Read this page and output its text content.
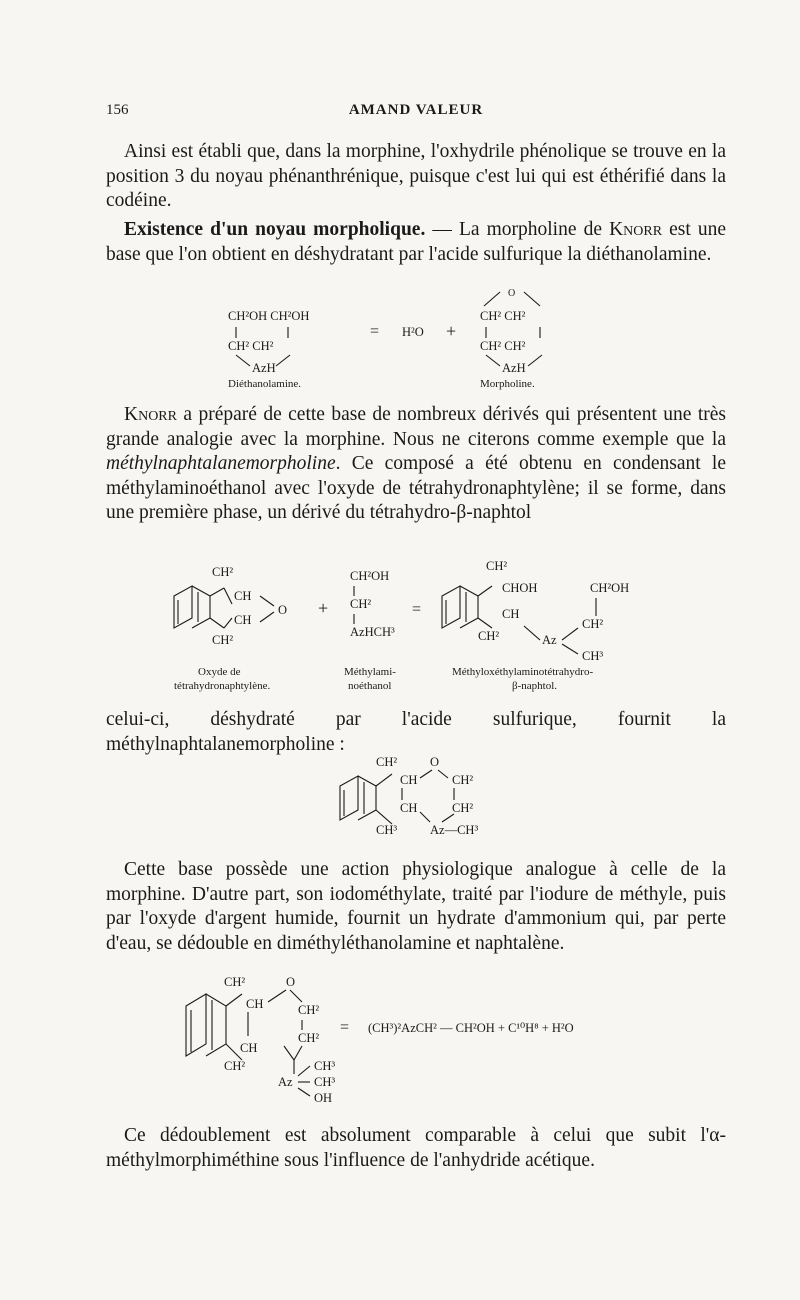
156	AMAND VALEUR

Ainsi est établi que, dans la morphine, l'oxhydrile phénolique se trouve en la position 3 du noyau phénanthrénique, puisque c'est lui qui est éthérifié dans la codéine.

Existence d'un noyau morpholique. — La morpholine de Knorr est une base que l'on obtient en déshydratant par l'acide sulfurique la diéthanolamine.

CH²OH CH²OH
CH² CH²
AzH
= H²O +
O
CH² CH²
CH² CH²
AzH
Diéthanolamine.	Morpholine.

Knorr a préparé de cette base de nombreux dérivés qui présentent une très grande analogie avec la morphine. Nous ne citerons comme exemple que la méthylnaphtalanemorpholine. Ce composé a été obtenu en condensant le méthylaminoéthanol avec l'oxyde de tétrahydronaphtylène; il se forme, dans une première phase, un dérivé du tétrahydro-β-naphtol

CH²
CH
CH
O
CH²
+
CH²OH
CH²
AzHCH³
=
CH²
CHOH
CH
CH²	Az
CH²OH
CH²
CH³
Oxyde de
tétrahydronaphtylène.
Méthylami-
noéthanol
Méthyloxéthylaminotétrahydro-
β-naphtol.

celui-ci, déshydraté par l'acide sulfurique, fournit la méthylnaphtalanemorpholine :

CH²	O
CH	CH²
CH	CH²
CH³	Az—CH³

Cette base possède une action physiologique analogue à celle de la morphine. D'autre part, son iodométhylate, traité par l'iodure de méthyle, puis par l'oxyde d'argent humide, fournit un hydrate d'ammonium qui, par perte d'eau, se dédouble en diméthyléthanolamine et naphtalène.

CH²	O
CH	CH²
CH²
CH
CH²	CH³
Az CH³
OH
= (CH³)²AzCH² — CH²OH + C¹⁰H⁸ + H²O

Ce dédoublement est absolument comparable à celui que subit l'α-méthylmorphiméthine sous l'influence de l'anhydride acétique.
